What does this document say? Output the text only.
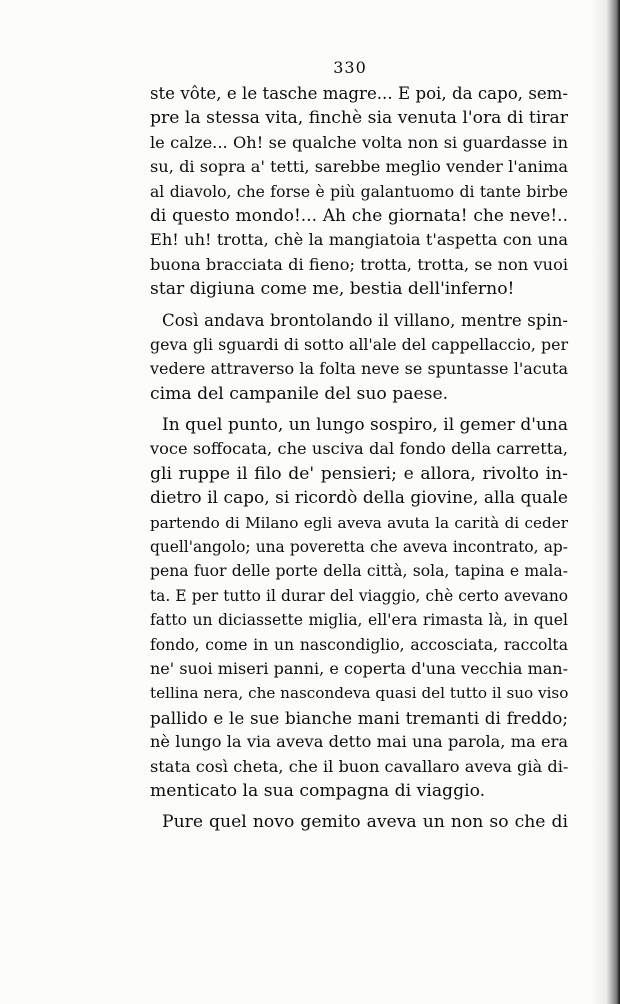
330
ste vôte, e le tasche magre... E poi, da capo, sem-
pre la stessa vita, finchè sia venuta l'ora di tirar
le calze... Oh! se qualche volta non si guardasse in
su, di sopra a' tetti, sarebbe meglio vender l'anima
al diavolo, che forse è più galantuomo di tante birbe
di questo mondo!... Ah che giornata! che neve!..
Eh! uh! trotta, chè la mangiatoia t'aspetta con una
buona bracciata di fieno; trotta, trotta, se non vuoi
star digiuna come me, bestia dell'inferno!
Così andava brontolando il villano, mentre spin-
geva gli sguardi di sotto all'ale del cappellaccio, per
vedere attraverso la folta neve se spuntasse l'acuta
cima del campanile del suo paese.
In quel punto, un lungo sospiro, il gemer d'una
voce soffocata, che usciva dal fondo della carretta,
gli ruppe il filo de' pensieri; e allora, rivolto in-
dietro il capo, si ricordò della giovine, alla quale
partendo di Milano egli aveva avuta la carità di ceder
quell'angolo; una poveretta che aveva incontrato, ap-
pena fuor delle porte della città, sola, tapina e mala-
ta. E per tutto il durar del viaggio, chè certo avevano
fatto un diciassette miglia, ell'era rimasta là, in quel
fondo, come in un nascondiglio, accosciata, raccolta
ne' suoi miseri panni, e coperta d'una vecchia man-
tellina nera, che nascondeva quasi del tutto il suo viso
pallido e le sue bianche mani tremanti di freddo;
nè lungo la via aveva detto mai una parola, ma era
stata così cheta, che il buon cavallaro aveva già di-
menticato la sua compagna di viaggio.
Pure quel novo gemito aveva un non so che di
